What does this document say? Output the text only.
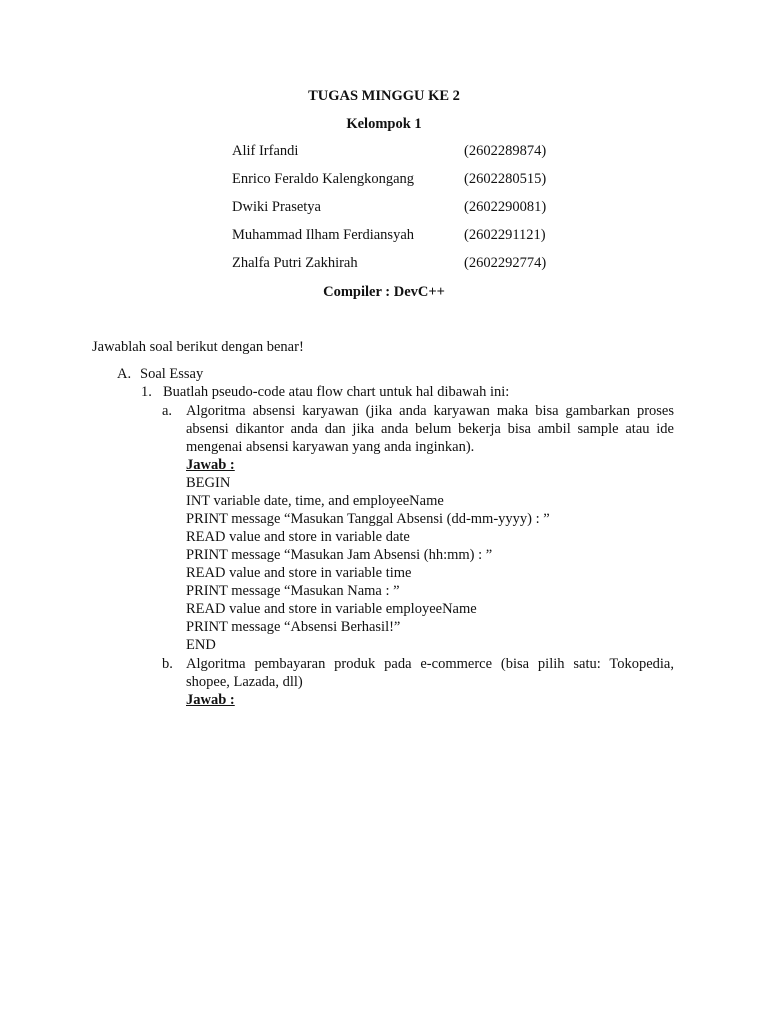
TUGAS MINGGU KE 2
Kelompok 1
Alif Irfandi	(2602289874)
Enrico Feraldo Kalengkongang	(2602280515)
Dwiki Prasetya	(2602290081)
Muhammad Ilham Ferdiansyah	(2602291121)
Zhalfa Putri Zakhirah	(2602292774)
Compiler : DevC++
Jawablah soal berikut dengan benar!
A. Soal Essay
1. Buatlah pseudo-code atau flow chart untuk hal dibawah ini:
a. Algoritma absensi karyawan (jika anda karyawan maka bisa gambarkan proses
absensi dikantor anda dan jika anda belum bekerja bisa ambil sample atau ide
mengenai absensi karyawan yang anda inginkan).
Jawab :
BEGIN
INT variable date, time, and employeeName
PRINT message “Masukan Tanggal Absensi (dd-mm-yyyy) : ”
READ value and store in variable date
PRINT message “Masukan Jam Absensi (hh:mm) : ”
READ value and store in variable time
PRINT message “Masukan Nama : ”
READ value and store in variable employeeName
PRINT message “Absensi Berhasil!”
END
b. Algoritma pembayaran produk pada e-commerce (bisa pilih satu: Tokopedia,
shopee, Lazada, dll)
Jawab :
